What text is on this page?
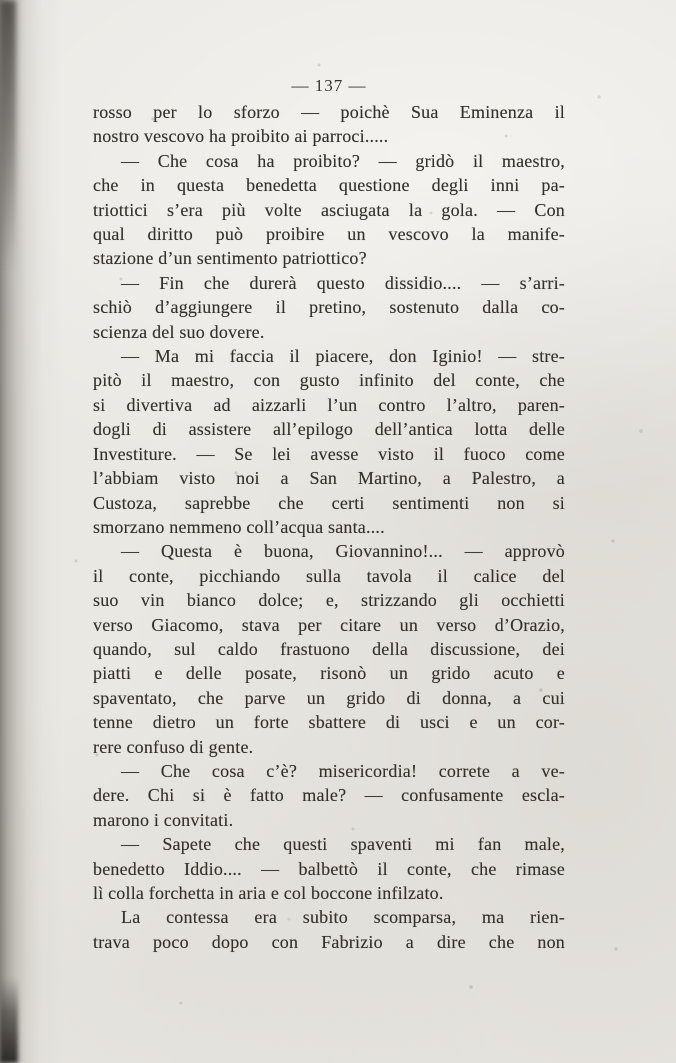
— 137 —
rosso per lo sforzo — poichè Sua Eminenza il
nostro vescovo ha proibito ai parroci.....
— Che cosa ha proibito? — gridò il maestro,
che in questa benedetta questione degli inni pa-
triottici s’era più volte asciugata la gola. — Con
qual diritto può proibire un vescovo la manife-
stazione d’un sentimento patriottico?
— Fin che durerà questo dissidio.... — s’arri-
schiò d’aggiungere il pretino, sostenuto dalla co-
scienza del suo dovere.
— Ma mi faccia il piacere, don Iginio! — stre-
pitò il maestro, con gusto infinito del conte, che
si divertiva ad aizzarli l’un contro l’altro, paren-
dogli di assistere all’epilogo dell’antica lotta delle
Investiture. — Se lei avesse visto il fuoco come
l’abbiam visto noi a San Martino, a Palestro, a
Custoza, saprebbe che certi sentimenti non si
smorzano nemmeno coll’acqua santa....
— Questa è buona, Giovannino!... — approvò
il conte, picchiando sulla tavola il calice del
suo vin bianco dolce; e, strizzando gli occhietti
verso Giacomo, stava per citare un verso d’Orazio,
quando, sul caldo frastuono della discussione, dei
piatti e delle posate, risonò un grido acuto e
spaventato, che parve un grido di donna, a cui
tenne dietro un forte sbattere di usci e un cor-
rere confuso di gente.
— Che cosa c’è? misericordia! correte a ve-
dere. Chi si è fatto male? — confusamente escla-
marono i convitati.
— Sapete che questi spaventi mi fan male,
benedetto Iddio.... — balbettò il conte, che rimase
lì colla forchetta in aria e col boccone infilzato.
La contessa era subito scomparsa, ma rien-
trava poco dopo con Fabrizio a dire che non
